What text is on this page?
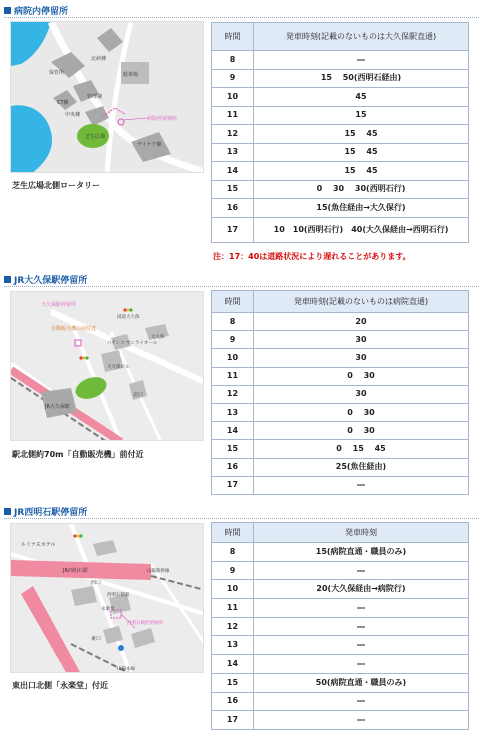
病院内停留所
保育所
北病棟
駐車場
CT棟
管理棟
中央棟
芝生広場
デイケア棟
病院停留場所
芝生広場北側ロータリー
時間	発車時刻(記載のないものは大久保駅直通)
8	―
9	15　 50(西明石経由)
10	45
11	15
12	15　 45
13	15　 45
14	15　 45
15	0　 30　 30(西明石行)
16	15(魚住経由→大久保行)
17	10　10(西明石行)　40(大久保経由→西明石行)
注：17：40は道路状況により遅れることがあります。
JR大久保駅停留所
大久保駅停留所
自動販売機の前付近
国道大久保
大久保
パチンコ サンライオール
大久保ビル
北口
JR大久保駅
駅北側約70m「自動販売機」前付近
時間	発車時刻(記載のないものは病院直通)
8	20
9	30
10	30
11	0　 30
12	30
13	0　 30
14	0　 30
15	0　 15　 45
16	25(魚住経由)
17	―
JR西明石駅停留所
ルミナスホテル
JR西明石駅	山陽新幹線
西口
西明石駅前
永楽堂
西明石駅停留場所
東口
山陽本線
東出口北側「永楽堂」付近
時間	発車時刻
8	15(病院直通・職員のみ)
9	―
10	20(大久保経由→病院行)
11	―
12	―
13	―
14	―
15	50(病院直通・職員のみ)
16	―
17	―
